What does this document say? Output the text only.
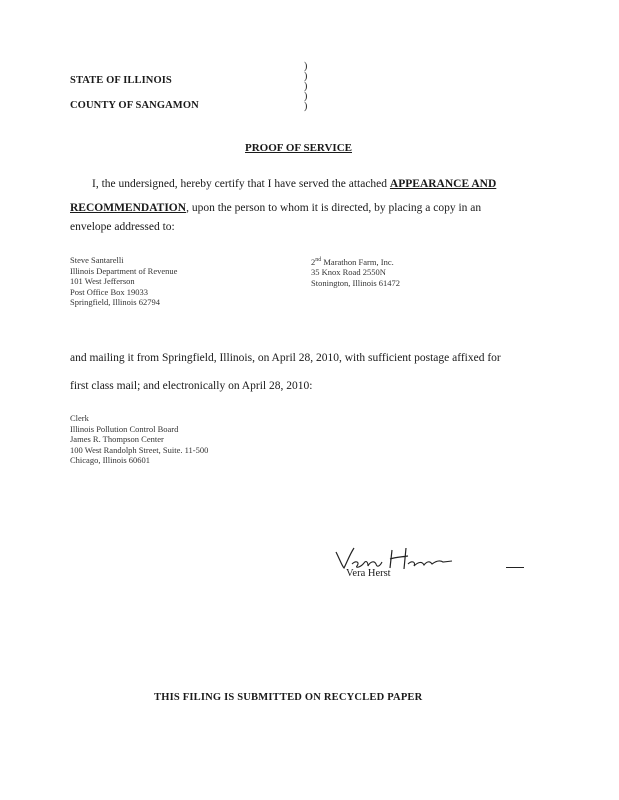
STATE OF ILLINOIS
COUNTY OF SANGAMON
)
)
)
)
)
PROOF OF SERVICE
I, the undersigned, hereby certify that I have served the attached APPEARANCE AND
RECOMMENDATION, upon the person to whom it is directed, by placing a copy in an
envelope addressed to:
Steve Santarelli
Illinois Department of Revenue
101 West Jefferson
Post Office Box 19033
Springfield, Illinois 62794
2nd Marathon Farm, Inc.
35 Knox Road 2550N
Stonington, Illinois 61472
and mailing it from Springfield, Illinois, on April 28, 2010, with sufficient postage affixed for
first class mail; and electronically on April 28, 2010:
Clerk
Illinois Pollution Control Board
James R. Thompson Center
100 West Randolph Street, Suite. 11-500
Chicago, Illinois 60601
Vera Herst
THIS FILING IS SUBMITTED ON RECYCLED PAPER
